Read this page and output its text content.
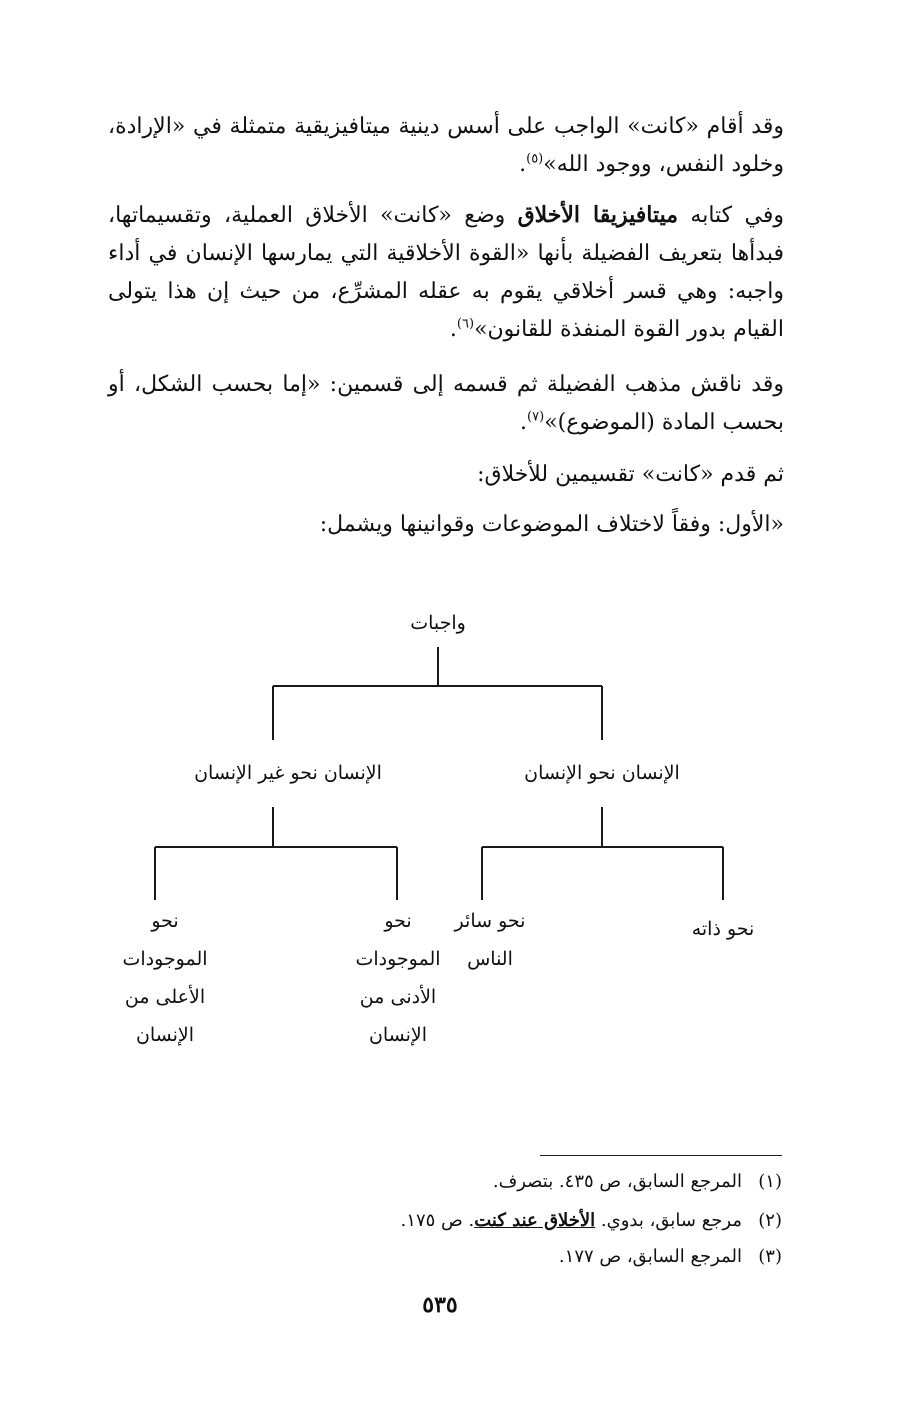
وقد أقام «كانت» الواجب على أسس دينية ميتافيزيقية متمثلة في «الإرادة، وخلود النفس، ووجود الله»$^{(٥)}$.

وفي كتابه ميتافيزيقا الأخلاق وضع «كانت» الأخلاق العملية، وتقسيماتها، فبدأها بتعريف الفضيلة بأنها «القوة الأخلاقية التي يمارسها الإنسان في أداء واجبه: وهي قسر أخلاقي يقوم به عقله المشرِّع، من حيث إن هذا يتولى القيام بدور القوة المنفذة للقانون»$^{(٦)}$.

وقد ناقش مذهب الفضيلة ثم قسمه إلى قسمين: «إما بحسب الشكل، أو بحسب المادة (الموضوع)»$^{(٧)}$.

ثم قدم «كانت» تقسيمين للأخلاق:

«الأول: وفقاً لاختلاف الموضوعات وقوانينها ويشمل:

واجبات
الإنسان نحو الإنسان
الإنسان نحو غير الإنسان
نحو ذاته
نحو سائر الناس
نحو الموجودات الأدنى من الإنسان
نحو الموجودات الأعلى من الإنسان

(١)المرجع السابق، ص ٤٣٥. بتصرف.

(٢)مرجع سابق، بدوي. الأخلاق عند كنت. ص ١٧٥.

(٣)المرجع السابق، ص ١٧٧.

٥٣٥
